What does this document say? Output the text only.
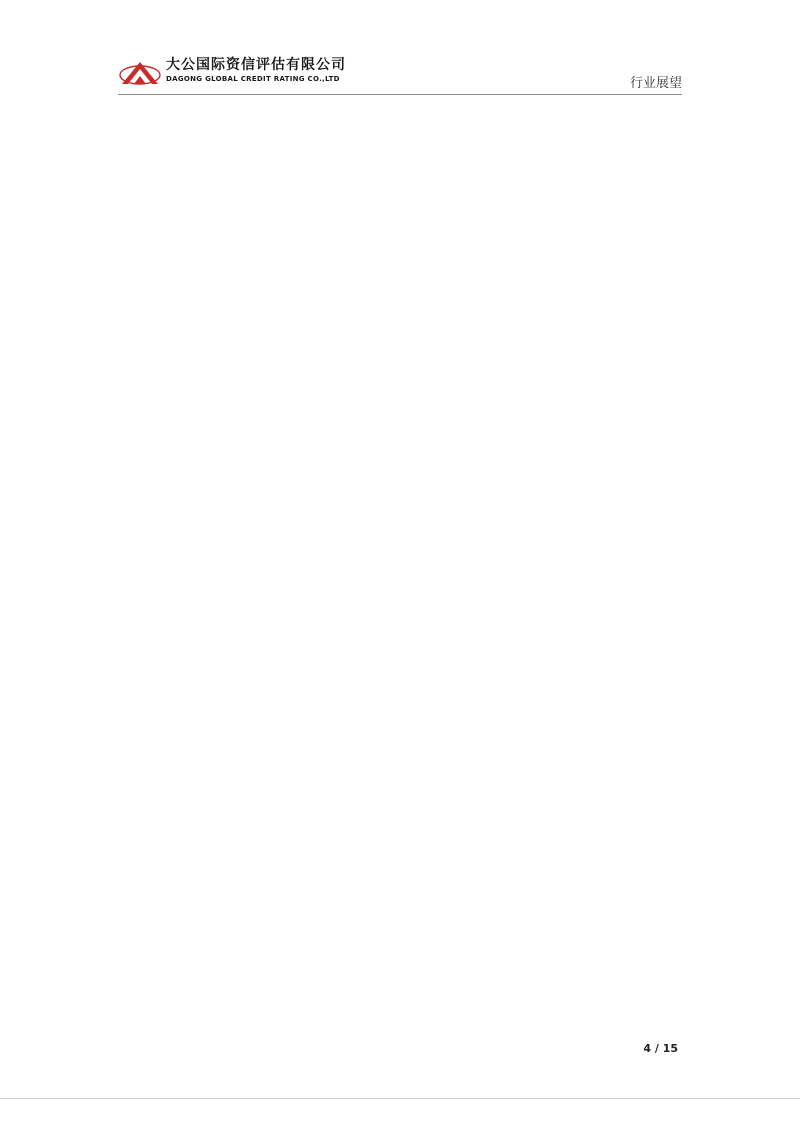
大公国际资信评估有限公司
DAGONG GLOBAL CREDIT RATING CO.,LTD	行业展望
4 / 15
